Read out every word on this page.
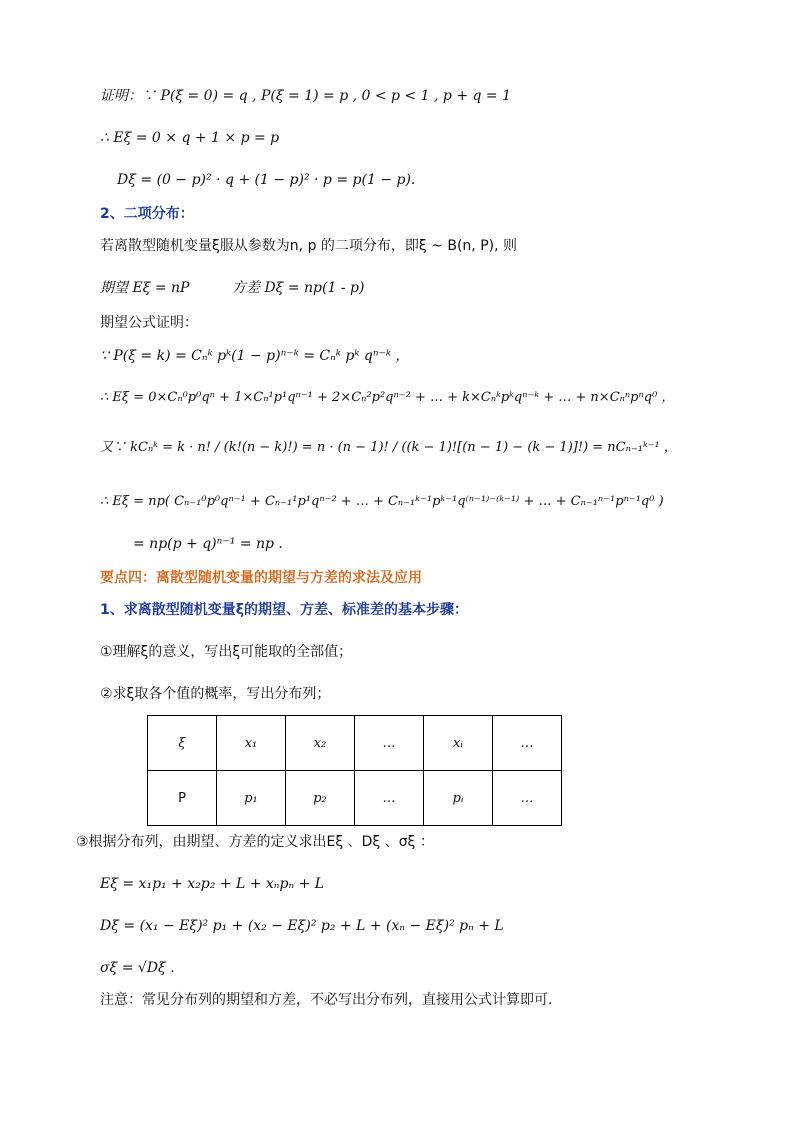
证明：∵ P(ξ = 0) = q , P(ξ = 1) = p , 0 < p < 1 , p + q = 1
∴ Eξ = 0 × q + 1 × p = p
Dξ = (0 − p)² · q + (1 − p)² · p = p(1 − p).
2、二项分布：
若离散型随机变量ξ服从参数为n, p 的二项分布，即ξ ~ B(n, P), 则
期望 Eξ = nP	方差 Dξ = np(1 - p)
期望公式证明：
∵ P(ξ = k) = Cₙᵏ pᵏ(1 − p)ⁿ⁻ᵏ = Cₙᵏ pᵏ qⁿ⁻ᵏ ，
∴ Eξ = 0×Cₙ⁰p⁰qⁿ + 1×Cₙ¹p¹qⁿ⁻¹ + 2×Cₙ²p²qⁿ⁻² + … + k×Cₙᵏpᵏqⁿ⁻ᵏ + … + n×Cₙⁿpⁿq⁰ ，
又∵ kCₙᵏ = k · n! / (k!(n − k)!) = n · (n − 1)! / ((k − 1)![(n − 1) − (k − 1)]!) = nCₙ₋₁ᵏ⁻¹ ，
∴ Eξ = np( Cₙ₋₁⁰p⁰qⁿ⁻¹ + Cₙ₋₁¹p¹qⁿ⁻² + … + Cₙ₋₁ᵏ⁻¹pᵏ⁻¹q⁽ⁿ⁻¹⁾⁻⁽ᵏ⁻¹⁾ + … + Cₙ₋₁ⁿ⁻¹pⁿ⁻¹q⁰ )
= np(p + q)ⁿ⁻¹ = np .
要点四：离散型随机变量的期望与方差的求法及应用
1、求离散型随机变量ξ的期望、方差、标准差的基本步骤：
①理解ξ的意义，写出ξ可能取的全部值；
②求ξ取各个值的概率，写出分布列；
ξ	x₁	x₂	…	xᵢ	…
P	p₁	p₂	…	pᵢ	…
③根据分布列，由期望、方差的定义求出Eξ 、Dξ 、σξ ：
Eξ = x₁p₁ + x₂p₂ + L + xₙpₙ + L
Dξ = (x₁ − Eξ)² p₁ + (x₂ − Eξ)² p₂ + L + (xₙ − Eξ)² pₙ + L
σξ = √Dξ .
注意：常见分布列的期望和方差，不必写出分布列，直接用公式计算即可．
